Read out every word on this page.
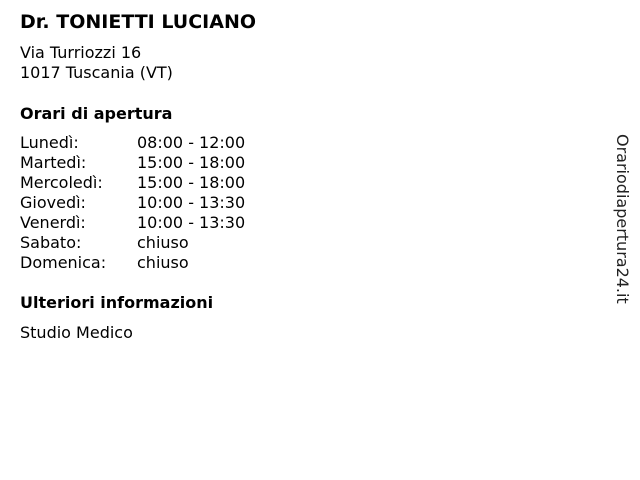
Dr. TONIETTI LUCIANO
Via Turriozzi 16
1017 Tuscania (VT)
Orari di apertura
Lunedì:	08:00 - 12:00
Martedì:	15:00 - 18:00
Mercoledì:	15:00 - 18:00
Giovedì:	10:00 - 13:30
Venerdì:	10:00 - 13:30
Sabato:	chiuso
Domenica:	chiuso
Ulteriori informazioni
Studio Medico
Orariodiapertura24.it
